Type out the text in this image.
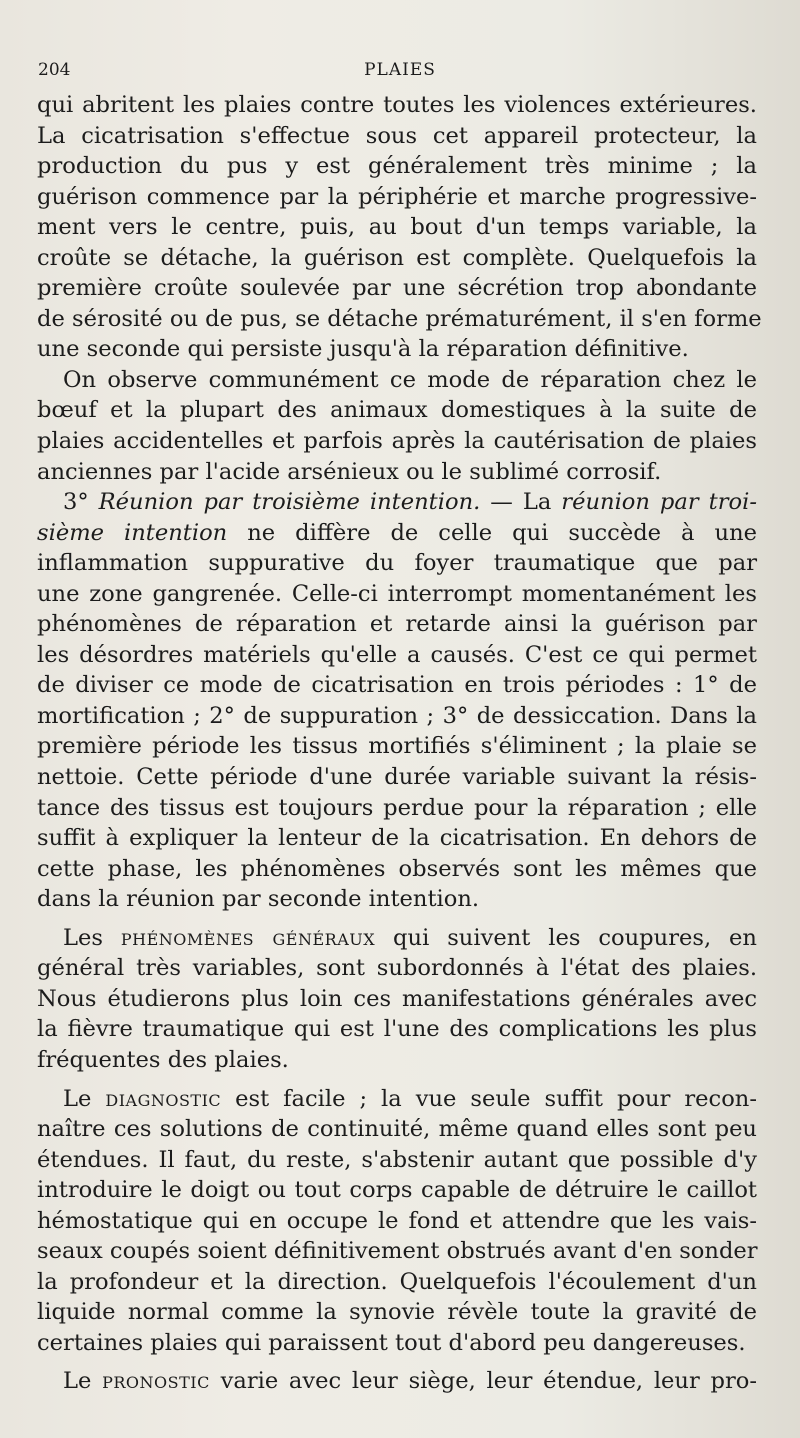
204	PLAIES
qui abritent les plaies contre toutes les violences extérieures.
La cicatrisation s'effectue sous cet appareil protecteur, la
production du pus y est généralement très minime ; la
guérison commence par la périphérie et marche progressive-
ment vers le centre, puis, au bout d'un temps variable, la
croûte se détache, la guérison est complète. Quelquefois la
première croûte soulevée par une sécrétion trop abondante
de sérosité ou de pus, se détache prématurément, il s'en forme
une seconde qui persiste jusqu'à la réparation définitive.
On observe communément ce mode de réparation chez le
bœuf et la plupart des animaux domestiques à la suite de
plaies accidentelles et parfois après la cautérisation de plaies
anciennes par l'acide arsénieux ou le sublimé corrosif.
3° Réunion par troisième intention. — La réunion par troi-
sième intention ne diffère de celle qui succède à une
inflammation suppurative du foyer traumatique que par
une zone gangrenée. Celle-ci interrompt momentanément les
phénomènes de réparation et retarde ainsi la guérison par
les désordres matériels qu'elle a causés. C'est ce qui permet
de diviser ce mode de cicatrisation en trois périodes : 1° de
mortification ; 2° de suppuration ; 3° de dessiccation. Dans la
première période les tissus mortifiés s'éliminent ; la plaie se
nettoie. Cette période d'une durée variable suivant la résis-
tance des tissus est toujours perdue pour la réparation ; elle
suffit à expliquer la lenteur de la cicatrisation. En dehors de
cette phase, les phénomènes observés sont les mêmes que
dans la réunion par seconde intention.
Les phénomènes généraux qui suivent les coupures, en
général très variables, sont subordonnés à l'état des plaies.
Nous étudierons plus loin ces manifestations générales avec
la fièvre traumatique qui est l'une des complications les plus
fréquentes des plaies.
Le diagnostic est facile ; la vue seule suffit pour recon-
naître ces solutions de continuité, même quand elles sont peu
étendues. Il faut, du reste, s'abstenir autant que possible d'y
introduire le doigt ou tout corps capable de détruire le caillot
hémostatique qui en occupe le fond et attendre que les vais-
seaux coupés soient définitivement obstrués avant d'en sonder
la profondeur et la direction. Quelquefois l'écoulement d'un
liquide normal comme la synovie révèle toute la gravité de
certaines plaies qui paraissent tout d'abord peu dangereuses.
Le pronostic varie avec leur siège, leur étendue, leur pro-
